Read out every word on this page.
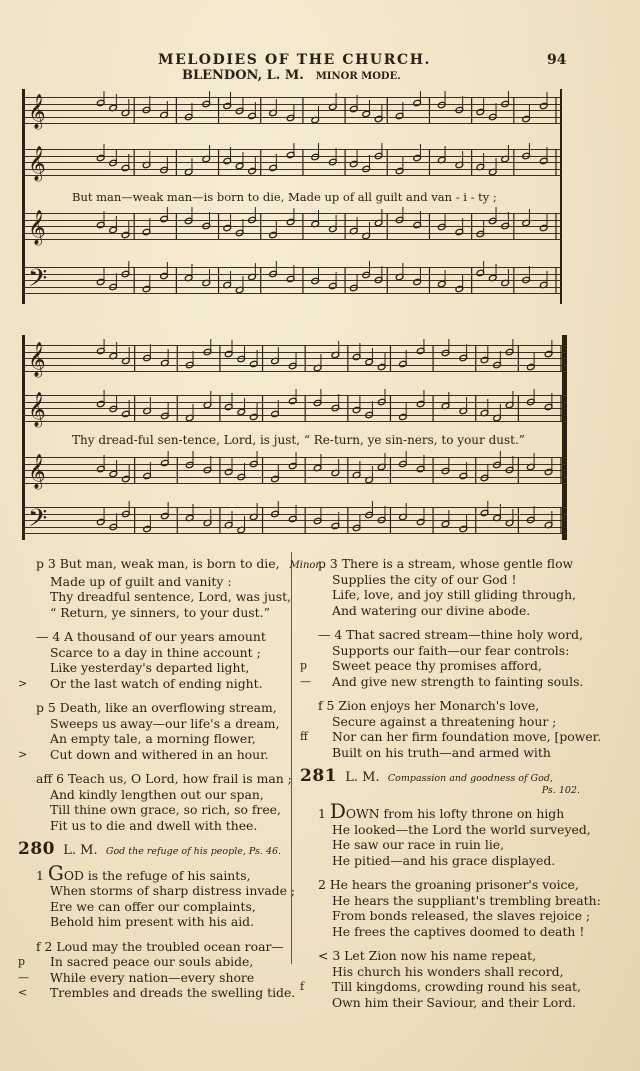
MELODIES OF THE CHURCH.	94
BLENDON, L. M. MINOR MODE.
But man—weak man—is born to die, Made up of all guilt and van - i - ty ;
𝄞
𝄞
𝄞
𝄢
Thy dread-ful sen-tence, Lord, is just, “ Re-turn, ye sin-ners, to your dust.”
𝄞
𝄞
𝄞
𝄢
p 3 But man, weak man, is born to die, Minor.
Made up of guilt and vanity :
Thy dreadful sentence, Lord, was just,
“ Return, ye sinners, to your dust.”
— 4 A thousand of our years amount
Scarce to a day in thine account ;
Like yesterday's departed light,
> Or the last watch of ending night.
p 5 Death, like an overflowing stream,
Sweeps us away—our life's a dream,
An empty tale, a morning flower,
> Cut down and withered in an hour.
aff 6 Teach us, O Lord, how frail is man ;
And kindly lengthen out our span,
Till thine own grace, so rich, so free,
Fit us to die and dwell with thee.
280  L. M.  God the refuge of his people, Ps. 46.
1 GOD is the refuge of his saints,
When storms of sharp distress invade ;
Ere we can offer our complaints,
Behold him present with his aid.
f 2 Loud may the troubled ocean roar—
p In sacred peace our souls abide,
— While every nation—every shore
< Trembles and dreads the swelling tide.
p 3 There is a stream, whose gentle flow
Supplies the city of our God !
Life, love, and joy still gliding through,
And watering our divine abode.
— 4 That sacred stream—thine holy word,
Supports our faith—our fear controls:
p Sweet peace thy promises afford,
— And give new strength to fainting souls.
f 5 Zion enjoys her Monarch's love,
Secure against a threatening hour ;
ff Nor can her firm foundation move, [power.
Built on his truth—and armed with
281  L. M.  Compassion and goodness of God,
Ps. 102.
1 DOWN from his lofty throne on high
He looked—the Lord the world surveyed,
He saw our race in ruin lie,
He pitied—and his grace displayed.
2 He hears the groaning prisoner's voice,
He hears the suppliant's trembling breath:
From bonds released, the slaves rejoice ;
He frees the captives doomed to death !
< 3 Let Zion now his name repeat,
His church his wonders shall record,
f Till kingdoms, crowding round his seat,
Own him their Saviour, and their Lord.
